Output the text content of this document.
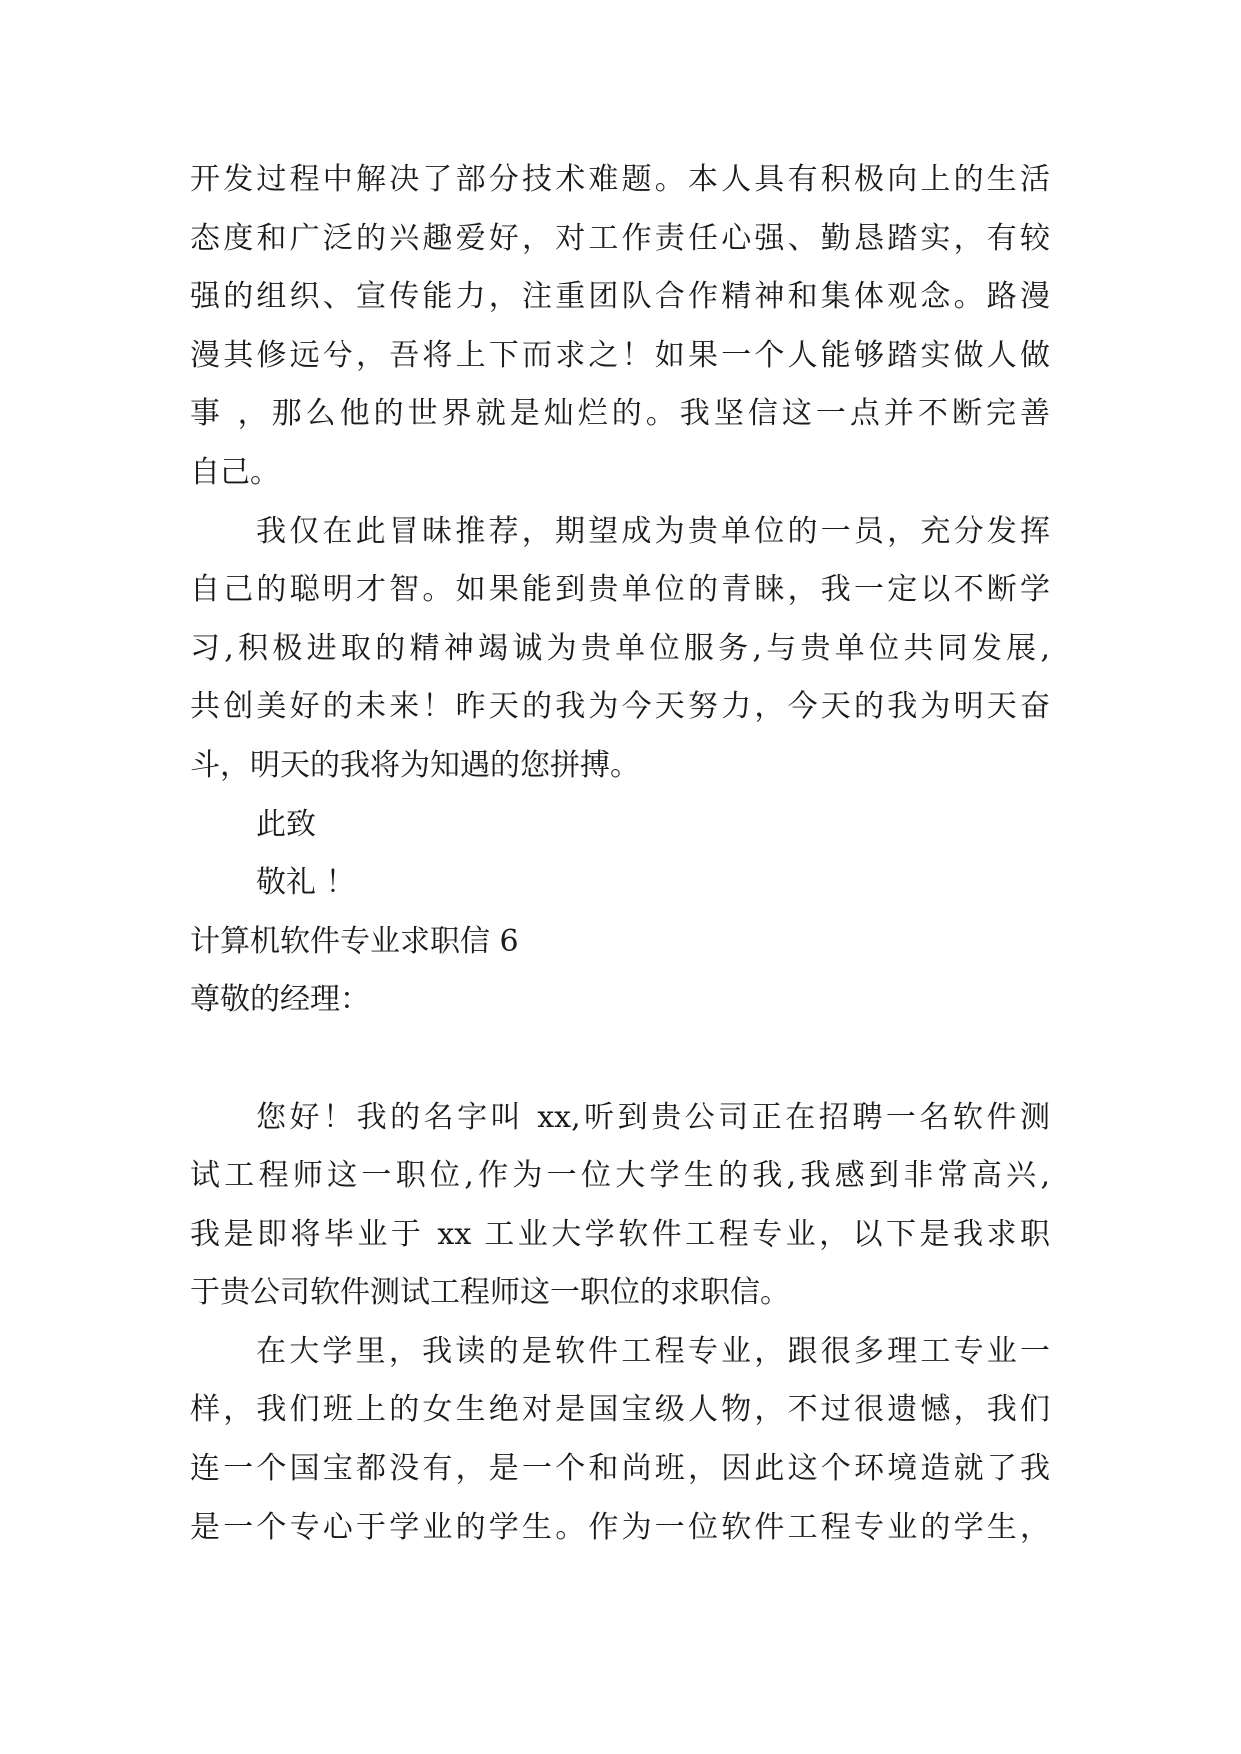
开发过程中解决了部分技术难题。本人具有积极向上的生活
态度和广泛的兴趣爱好，对工作责任心强、勤恳踏实，有较
强的组织、宣传能力，注重团队合作精神和集体观念。路漫
漫其修远兮，吾将上下而求之！如果一个人能够踏实做人做
事 ，那么他的世界就是灿烂的。我坚信这一点并不断完善
自己。
我仅在此冒昧推荐，期望成为贵单位的一员，充分发挥
自己的聪明才智。如果能到贵单位的青睐，我一定以不断学
习,积极进取的精神竭诚为贵单位服务,与贵单位共同发展,
共创美好的未来！昨天的我为今天努力，今天的我为明天奋
斗，明天的我将为知遇的您拼搏。
此致
敬礼 ！
计算机软件专业求职信 6
尊敬的经理：
您好！我的名字叫 xx,听到贵公司正在招聘一名软件测
试工程师这一职位,作为一位大学生的我,我感到非常高兴,
我是即将毕业于 xx 工业大学软件工程专业，以下是我求职
于贵公司软件测试工程师这一职位的求职信。
在大学里，我读的是软件工程专业，跟很多理工专业一
样，我们班上的女生绝对是国宝级人物，不过很遗憾，我们
连一个国宝都没有，是一个和尚班，因此这个环境造就了我
是一个专心于学业的学生。作为一位软件工程专业的学生，
